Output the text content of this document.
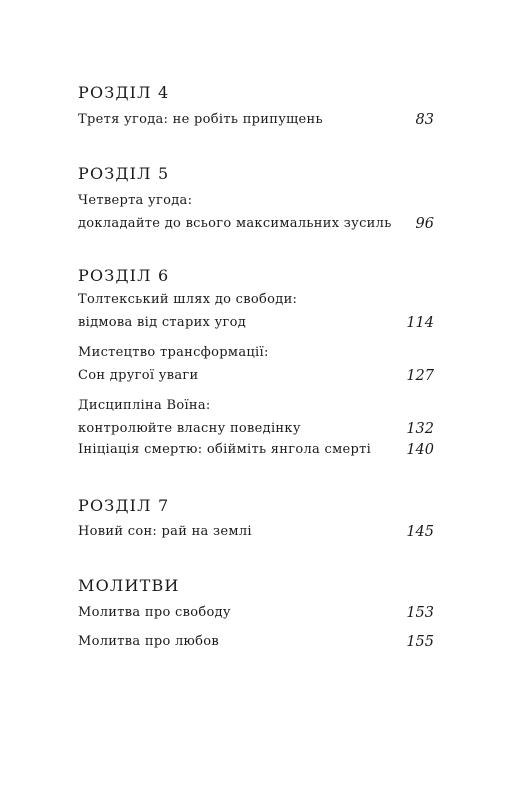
РОЗДІЛ 4
Третя угода: не робіть припущень	83
РОЗДІЛ 5
Четверта угода:
докладайте до всього максимальних зусиль 96
РОЗДІЛ 6
Толтекський шлях до свободи:
відмова від старих угод	114
Мистецтво трансформації:
Сон другої уваги	127
Дисципліна Воїна:
контролюйте власну поведінку	132
Ініціація смертю: обійміть янгола смерті 140
РОЗДІЛ 7
Новий сон: рай на землі	145
МОЛИТВИ
Молитва про свободу	153
Молитва про любов	155
